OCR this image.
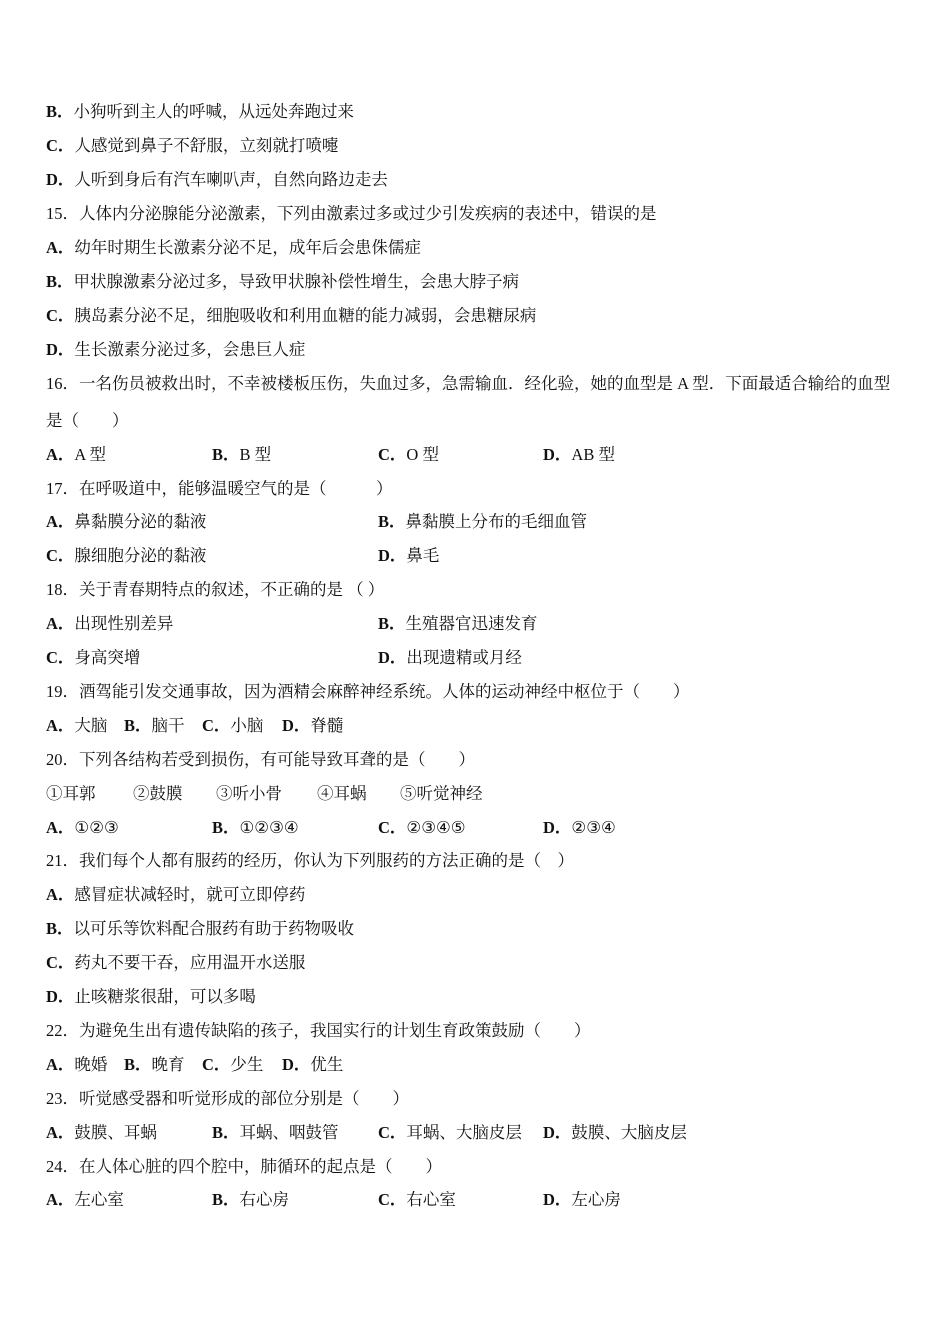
B．小狗听到主人的呼喊，从远处奔跑过来
C．人感觉到鼻子不舒服，立刻就打喷嚏
D．人听到身后有汽车喇叭声，自然向路边走去
15．人体内分泌腺能分泌激素，下列由激素过多或过少引发疾病的表述中，错误的是
A．幼年时期生长激素分泌不足，成年后会患侏儒症
B．甲状腺激素分泌过多，导致甲状腺补偿性增生，会患大脖子病
C．胰岛素分泌不足，细胞吸收和利用血糖的能力减弱，会患糖尿病
D．生长激素分泌过多，会患巨人症
16．一名伤员被救出时，不幸被楼板压伤，失血过多，急需输血．经化验，她的血型是 A 型．下面最适合输给的血型
是（　　）
A．A 型	B．B 型	C．O 型	D．AB 型
17．在呼吸道中，能够温暖空气的是（　　　）
A．鼻黏膜分泌的黏液	B．鼻黏膜上分布的毛细血管
C．腺细胞分泌的黏液	D．鼻毛
18．关于青春期特点的叙述，不正确的是 （ ）
A．出现性别差异	B．生殖器官迅速发育
C．身高突增	D．出现遗精或月经
19．酒驾能引发交通事故，因为酒精会麻醉神经系统。人体的运动神经中枢位于（　　）
A．大脑 B．脑干 C．小脑 D．脊髓
20．下列各结构若受到损伤，有可能导致耳聋的是（　　）
①耳郭 ②鼓膜 ③听小骨 ④耳蜗 ⑤听觉神经
A．①②③	B．①②③④	C．②③④⑤	D．②③④
21．我们每个人都有服药的经历，你认为下列服药的方法正确的是（　）
A．感冒症状减轻时，就可立即停药
B．以可乐等饮料配合服药有助于药物吸收
C．药丸不要干吞，应用温开水送服
D．止咳糖浆很甜，可以多喝
22．为避免生出有遗传缺陷的孩子，我国实行的计划生育政策鼓励（　　）
A．晚婚 B．晚育 C．少生 D．优生
23．听觉感受器和听觉形成的部位分别是（　　）
A．鼓膜、耳蜗	B．耳蜗、咽鼓管 C．耳蜗、大脑皮层 D．鼓膜、大脑皮层
24．在人体心脏的四个腔中，肺循环的起点是（　　）
A．左心室	B．右心房	C．右心室	D．左心房
